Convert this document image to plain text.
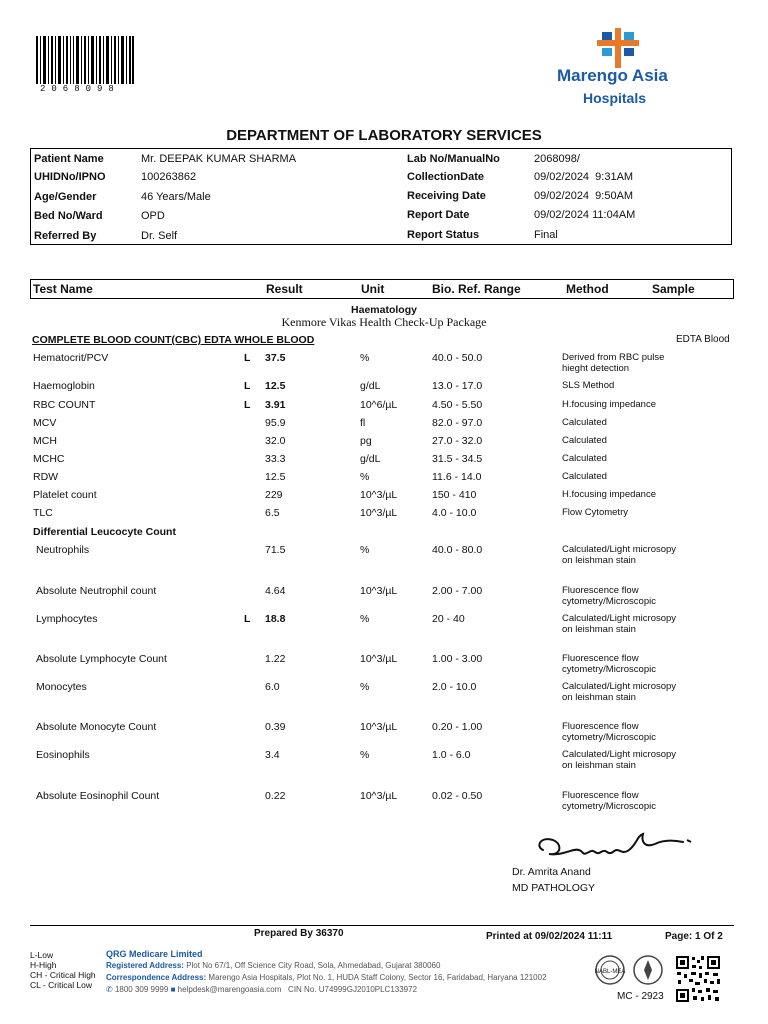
2068098
Marengo Asia
Hospitals
DEPARTMENT OF LABORATORY SERVICES
Patient Name	Mr. DEEPAK KUMAR SHARMA
UHIDNo/IPNO	100263862
Age/Gender	46 Years/Male
Bed No/Ward	OPD
Referred By	Dr. Self
Lab No/ManualNo	2068098/
CollectionDate	09/02/2024  9:31AM
Receiving Date	09/02/2024  9:50AM
Report Date	09/02/2024 11:04AM
Report Status	Final
Test Name	Result	Unit	Bio. Ref. Range	Method	Sample
Haematology
Kenmore Vikas Health Check-Up Package
COMPLETE BLOOD COUNT(CBC) EDTA WHOLE BLOOD	EDTA Blood
Hematocrit/PCV	L 37.5	%	40.0 - 50.0	Derived from RBC pulse hieght detection
Haemoglobin	L 12.5	g/dL	13.0 - 17.0	SLS Method
RBC COUNT	L 3.91	10^6/µL	4.50 - 5.50	H.focusing impedance
MCV	95.9	fl	82.0 - 97.0	Calculated
MCH	32.0	pg	27.0 - 32.0	Calculated
MCHC	33.3	g/dL	31.5 - 34.5	Calculated
RDW	12.5	%	11.6 - 14.0	Calculated
Platelet count	229	10^3/µL	150 - 410	H.focusing impedance
TLC	6.5	10^3/µL	4.0 - 10.0	Flow Cytometry
Differential Leucocyte Count
Neutrophils	71.5	%	40.0 - 80.0	Calculated/Light microsopy on leishman stain
Absolute Neutrophil count	4.64	10^3/µL	2.00 - 7.00	Fluorescence flow cytometry/Microscopic
Lymphocytes	L 18.8	%	20 - 40	Calculated/Light microsopy on leishman stain
Absolute Lymphocyte Count	1.22	10^3/µL	1.00 - 3.00	Fluorescence flow cytometry/Microscopic
Monocytes	6.0	%	2.0 - 10.0	Calculated/Light microsopy on leishman stain
Absolute Monocyte Count	0.39	10^3/µL	0.20 - 1.00	Fluorescence flow cytometry/Microscopic
Eosinophils	3.4	%	1.0 - 6.0	Calculated/Light microsopy on leishman stain
Absolute Eosinophil Count	0.22	10^3/µL	0.02 - 0.50	Fluorescence flow cytometry/Microscopic
Dr. Amrita Anand
MD PATHOLOGY
Prepared By 36370	Printed at 09/02/2024 11:11	Page: 1 Of 2
L-Low
H-High
CH - Critical High
CL - Critical Low
QRG Medicare Limited
Registered Address: Plot No 67/1, Off Science City Road, Sola, Ahmedabad, Gujarat 380060
Correspondence Address: Marengo Asia Hospitals, Plot No. 1, HUDA Staff Colony, Sector 16, Faridabad, Haryana 121002
✆ 1800 309 9999 ■ helpdesk@marengoasia.com CIN No. U74999GJ2010PLC133972
NABL-MEA
MC - 2923
